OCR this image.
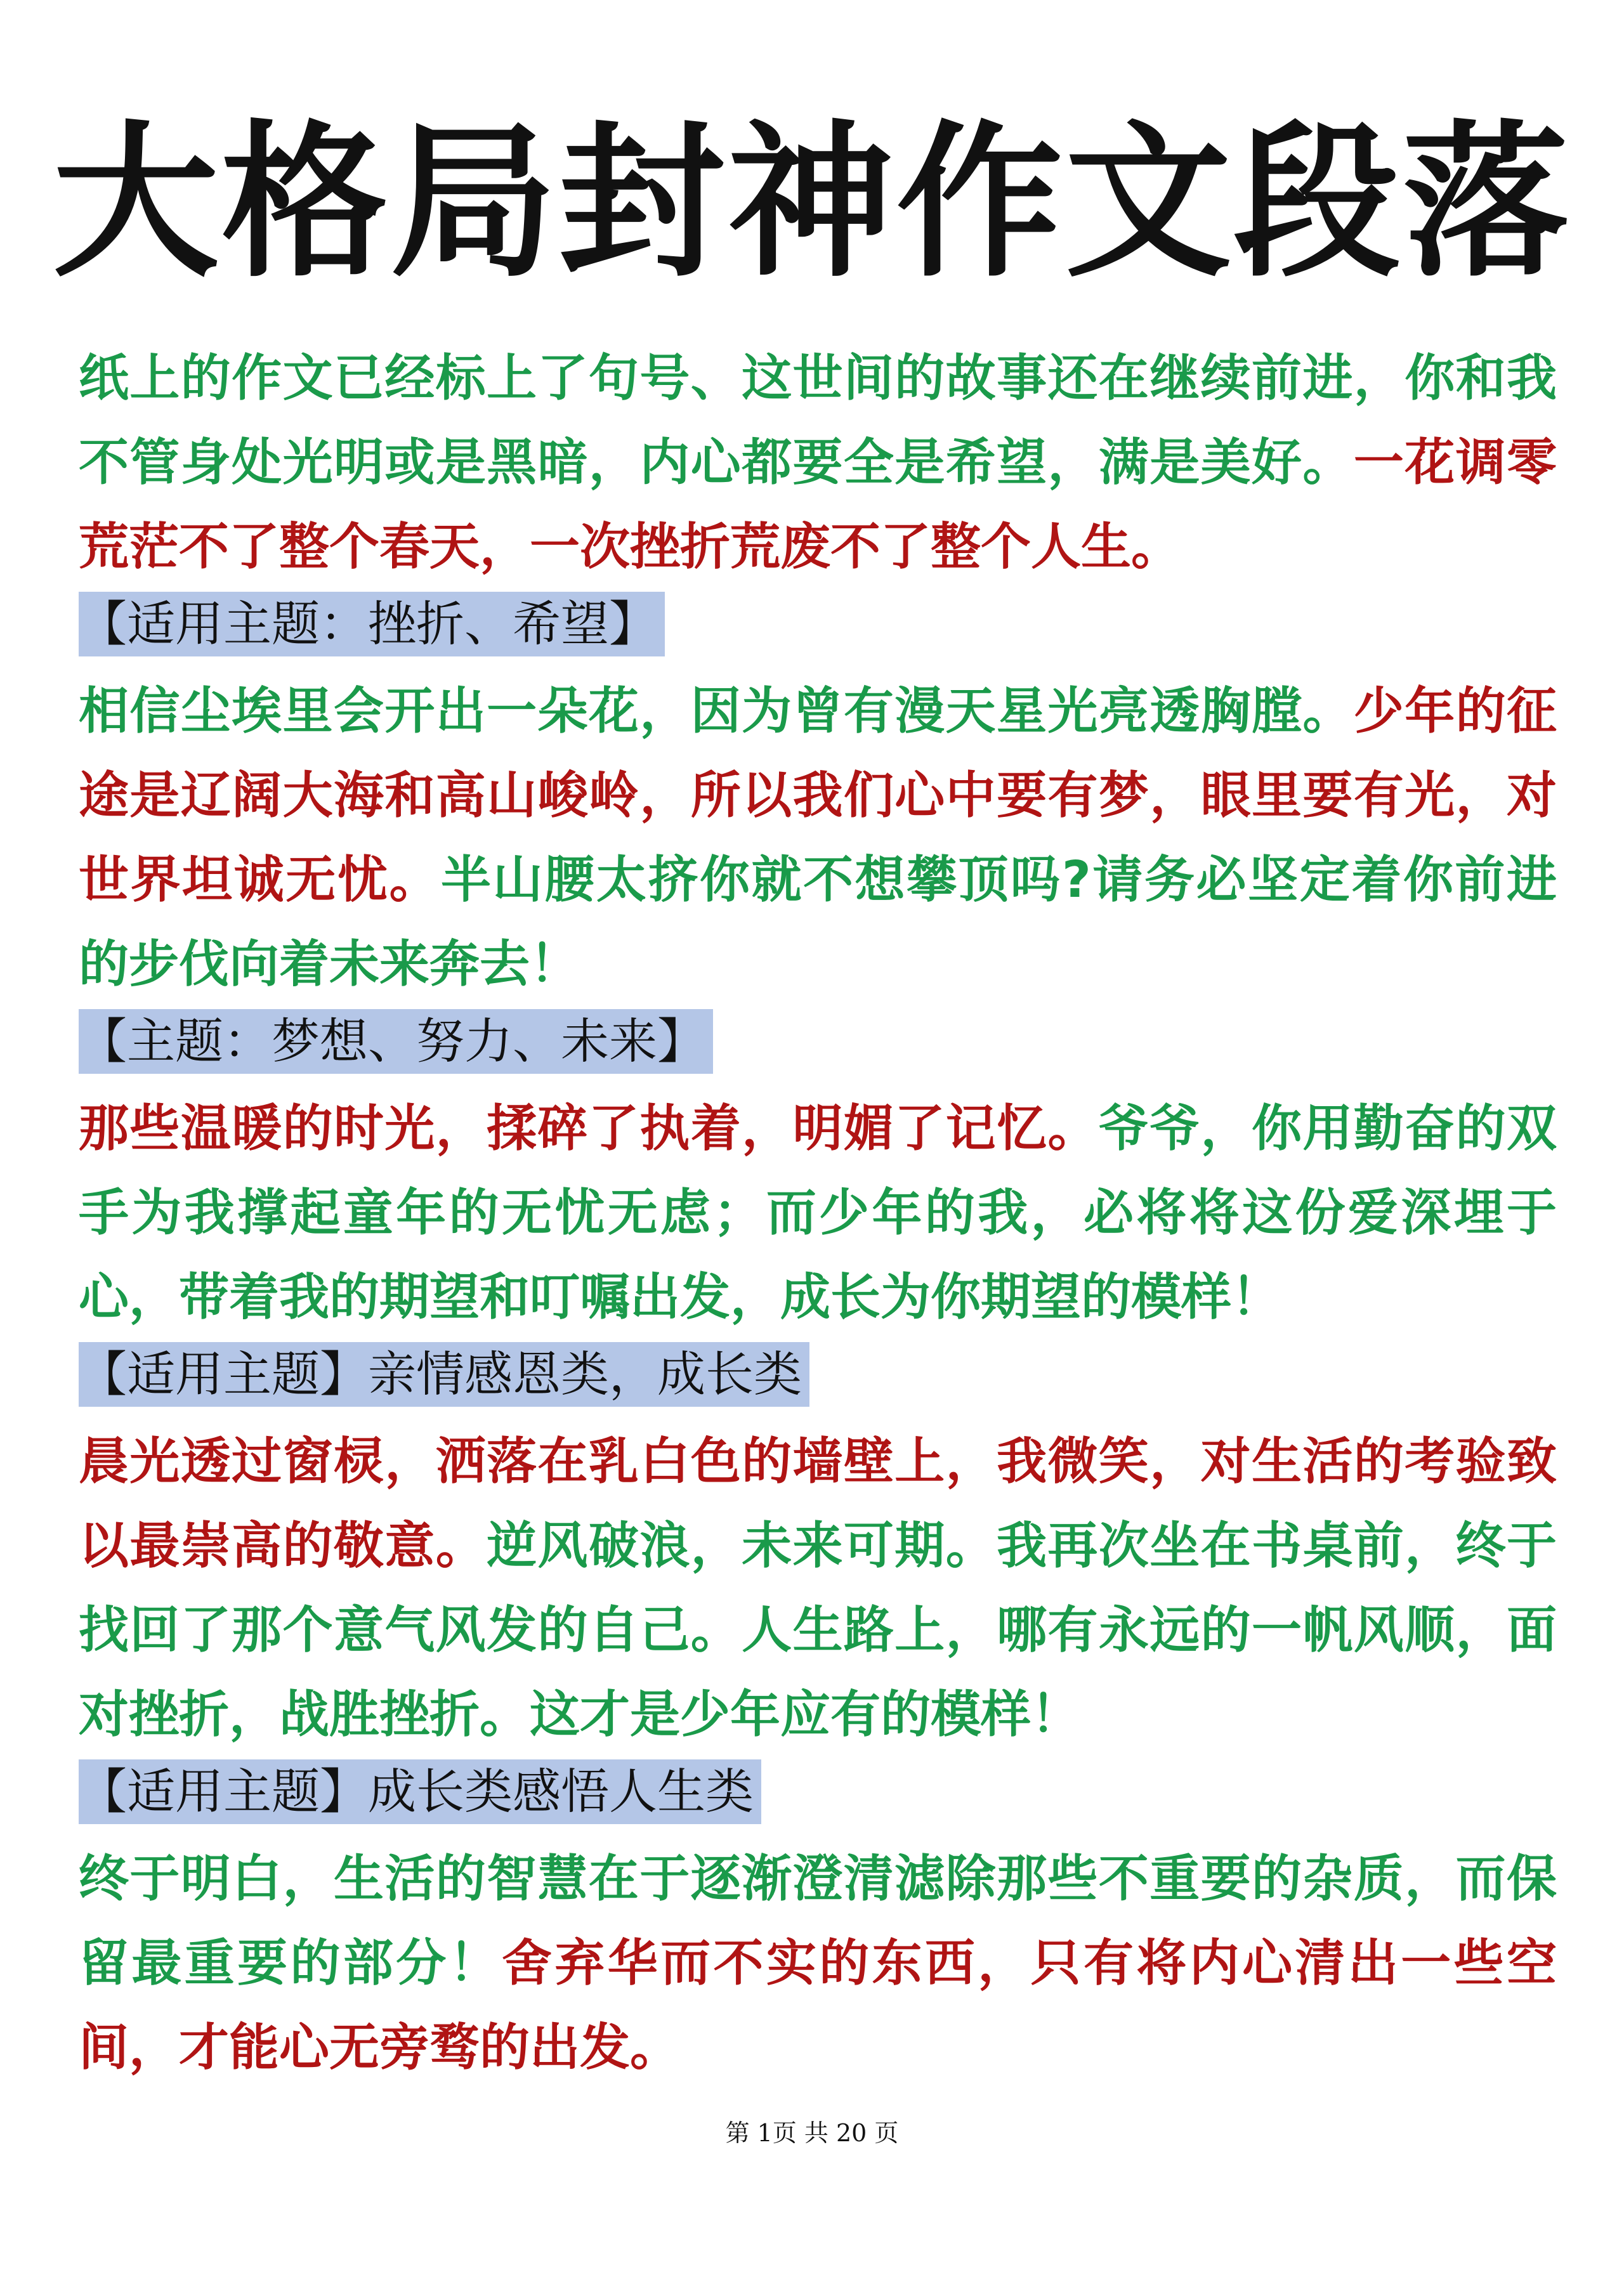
大格局封神作文段落

纸上的作文已经标上了句号、这世间的故事还在继续前进，你和我不管身处光明或是黑暗，内心都要全是希望，满是美好。一花调零荒茫不了整个春天，一次挫折荒废不了整个人生。

【适用主题：挫折、希望】

相信尘埃里会开出一朵花，因为曾有漫天星光亮透胸膛。少年的征途是辽阔大海和高山峻岭，所以我们心中要有梦，眼里要有光，对世界坦诚无忧。半山腰太挤你就不想攀顶吗?请务必坚定着你前进的步伐向着未来奔去！

【主题：梦想、努力、未来】

那些温暖的时光，揉碎了执着，明媚了记忆。爷爷，你用勤奋的双手为我撑起童年的无忧无虑；而少年的我，必将将这份爱深埋于心，带着我的期望和叮嘱出发，成长为你期望的模样！

【适用主题】亲情感恩类，成长类

晨光透过窗棂，洒落在乳白色的墙壁上，我微笑，对生活的考验致以最崇高的敬意。逆风破浪，未来可期。我再次坐在书桌前，终于找回了那个意气风发的自己。人生路上，哪有永远的一帆风顺，面对挫折，战胜挫折。这才是少年应有的模样！

【适用主题】成长类感悟人生类

终于明白，生活的智慧在于逐渐澄清滤除那些不重要的杂质，而保留最重要的部分！舍弃华而不实的东西，只有将内心清出一些空间，才能心无旁骛的出发。

第 1页 共 20 页
